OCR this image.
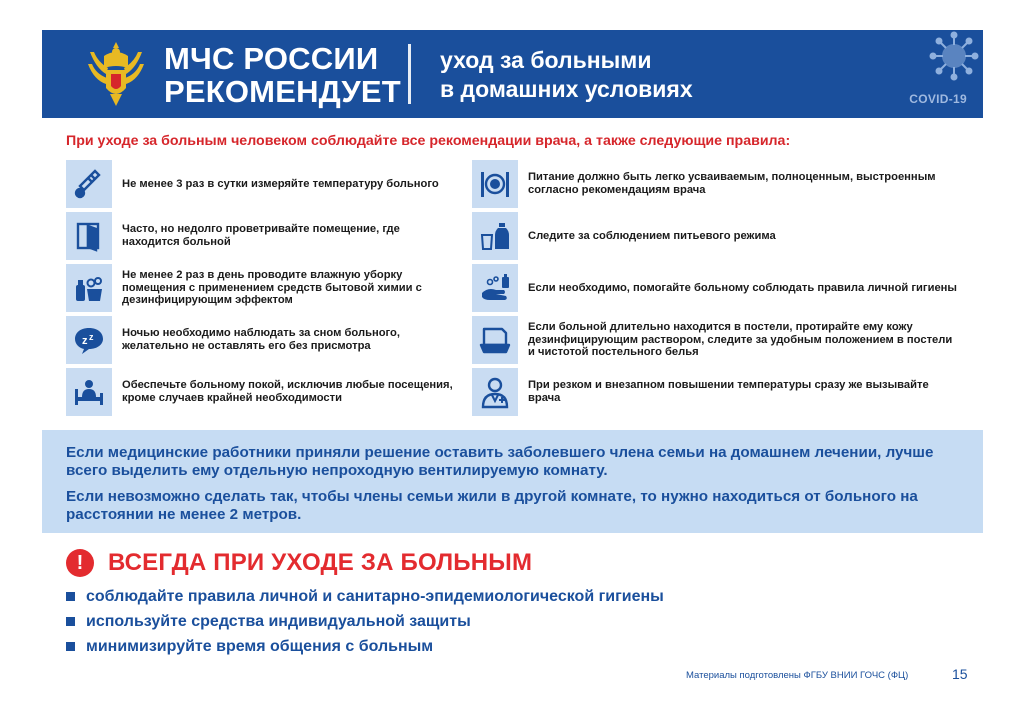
МЧС РОССИИ
РЕКОМЕНДУЕТ
уход за больными
в домашних условиях	COVID-19
При уходе за больным человеком соблюдайте все рекомендации врача, а также следующие правила:
Не менее 3 раз в сутки измеряйте температуру больного
Часто, но недолго проветривайте помещение, где находится больной
Не менее 2 раз в день проводите влажную уборку помещения с применением средств бытовой химии с дезинфицирующим эффектом
z z	Ночью необходимо наблюдать за сном больного, желательно не оставлять его без присмотра
Обеспечьте больному покой, исключив любые посещения, кроме случаев крайней необходимости
Питание должно быть легко усваиваемым, полноценным, выстроенным согласно рекомендациям врача
Следите за соблюдением питьевого режима
Если необходимо, помогайте больному соблюдать правила личной гигиены
Если больной длительно находится в постели, протирайте ему кожу дезинфицирующим раствором, следите за удобным положением в постели и чистотой постельного белья
При резком и внезапном повышении температуры сразу же вызывайте врача

Если медицинские работники приняли решение оставить заболевшего члена семьи на домашнем лечении, лучше всего выделить ему отдельную непроходную вентилируемую комнату.

Если невозможно сделать так, чтобы члены семьи жили в другой комнате, то нужно находиться от больного на расстоянии не менее 2 метров.

!	ВСЕГДА ПРИ УХОДЕ ЗА БОЛЬНЫМ
соблюдайте правила личной и санитарно-эпидемиологической гигиены
используйте средства индивидуальной защиты
минимизируйте время общения с больным
Материалы подготовлены ФГБУ ВНИИ ГОЧС (ФЦ)	15
